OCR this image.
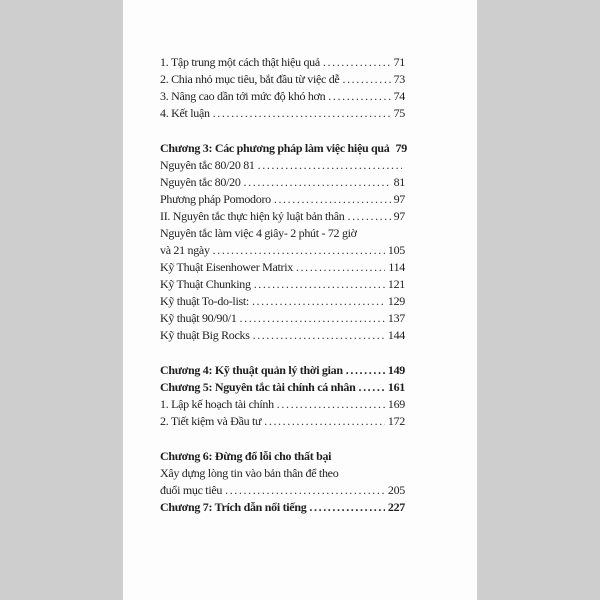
1. Tập trung một cách thật hiệu quả .....	71
2. Chia nhỏ mục tiêu, bắt đầu từ việc dễ .....	73
3. Nâng cao dần tới mức độ khó hơn .....	74
4. Kết luận .....	75
Chương 3: Các phương pháp làm việc hiệu quả 79
Nguyên tắc 80/20 81
.....
Nguyên tắc 80/20 .....	81
Phương pháp Pomodoro .....	97
II. Nguyên tắc thực hiện kỷ luật bản thân .....	97
Nguyên tắc làm việc 4 giây- 2 phút - 72 giờ
và 21 ngày .....	105
Kỹ Thuật Eisenhower Matrix .....	114
Kỹ Thuật Chunking .....	121
Kỹ thuật To-do-list: .....	129
Kỹ thuật 90/90/1 .....	137
Kỹ thuật Big Rocks .....	144
Chương 4: Kỹ thuật quản lý thời gian .....	149
Chương 5: Nguyên tắc tài chính cá nhân .....	161
1. Lập kế hoạch tài chính .....	169
2. Tiết kiệm và Đầu tư .....	172
Chương 6: Đừng đổ lỗi cho thất bại
Xây dựng lòng tin vào bản thân để theo
đuổi mục tiêu .....	205
Chương 7: Trích dẫn nổi tiếng .....	227
